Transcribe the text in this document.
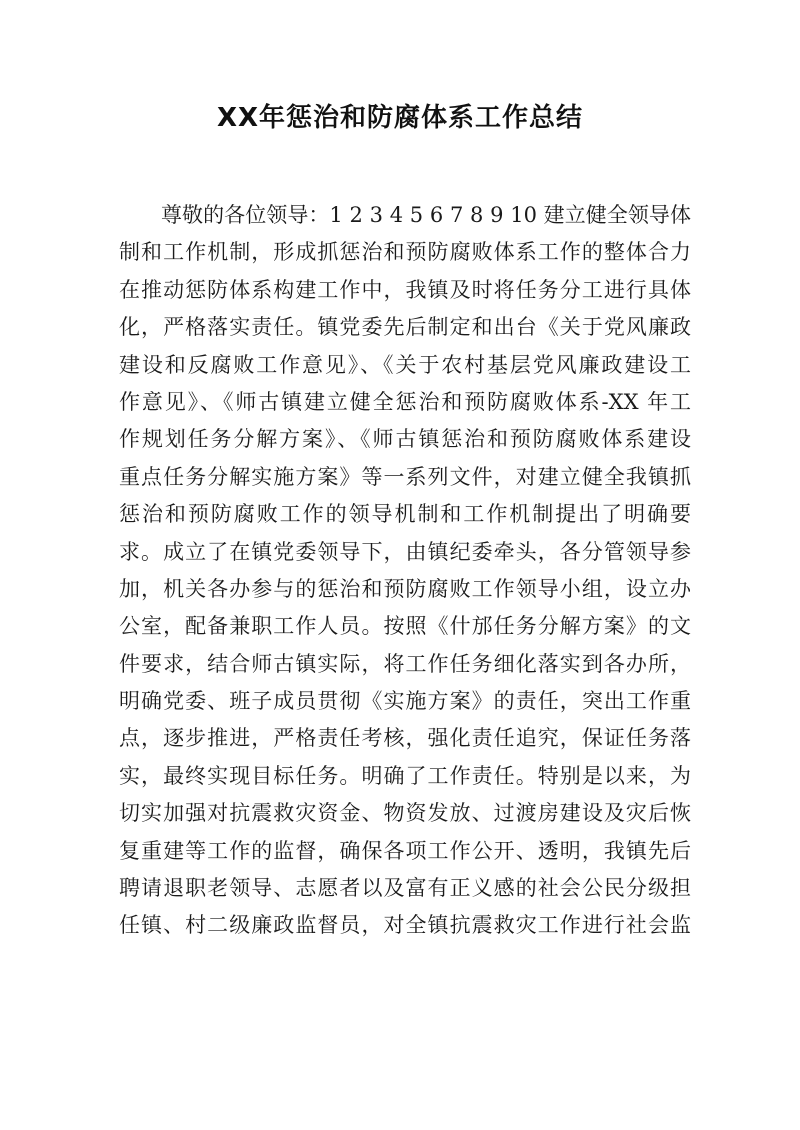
XX年惩治和防腐体系工作总结
尊敬的各位领导：1 2 3 4 5 6 7 8 9 10 建立健全领导体
制和工作机制，形成抓惩治和预防腐败体系工作的整体合力
在推动惩防体系构建工作中，我镇及时将任务分工进行具体
化，严格落实责任。镇党委先后制定和出台《关于党风廉政
建设和反腐败工作意见》、《关于农村基层党风廉政建设工
作意见》、《师古镇建立健全惩治和预防腐败体系-XX 年工
作规划任务分解方案》、《师古镇惩治和预防腐败体系建设
重点任务分解实施方案》等一系列文件，对建立健全我镇抓
惩治和预防腐败工作的领导机制和工作机制提出了明确要
求。成立了在镇党委领导下，由镇纪委牵头，各分管领导参
加，机关各办参与的惩治和预防腐败工作领导小组，设立办
公室，配备兼职工作人员。按照《什邡任务分解方案》的文
件要求，结合师古镇实际，将工作任务细化落实到各办所，
明确党委、班子成员贯彻《实施方案》的责任，突出工作重
点，逐步推进，严格责任考核，强化责任追究，保证任务落
实，最终实现目标任务。明确了工作责任。特别是以来，为
切实加强对抗震救灾资金、物资发放、过渡房建设及灾后恢
复重建等工作的监督，确保各项工作公开、透明，我镇先后
聘请退职老领导、志愿者以及富有正义感的社会公民分级担
任镇、村二级廉政监督员，对全镇抗震救灾工作进行社会监
